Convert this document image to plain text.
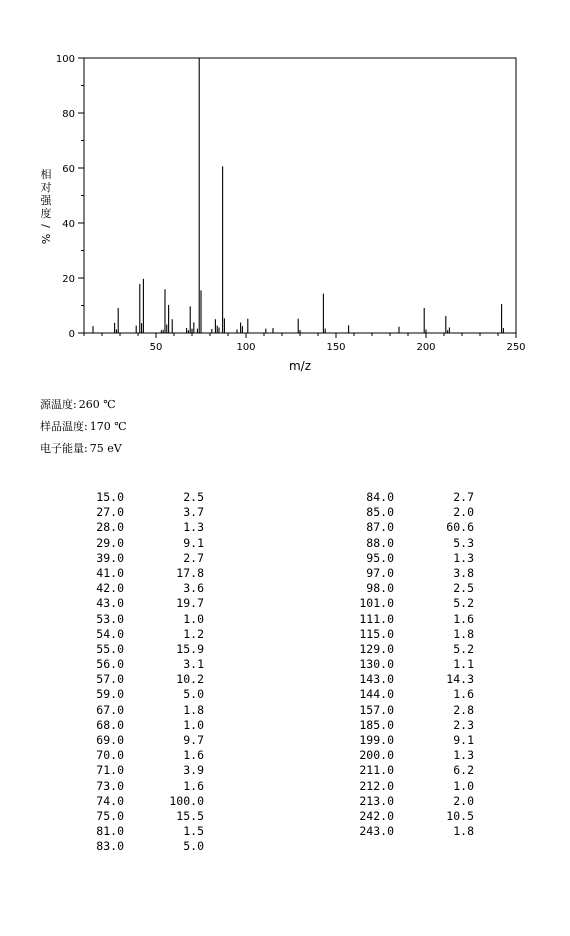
相
对
强
度
/
%
m/z
0
20
40
60
80
100
50	100	150	200	250
源温度: 260 ℃
样品温度: 170 ℃
电子能量: 75 eV
15.0	2.5
27.0	3.7
28.0	1.3
29.0	9.1
39.0	2.7
41.0	17.8
42.0	3.6
43.0	19.7
53.0	1.0
54.0	1.2
55.0	15.9
56.0	3.1
57.0	10.2
59.0	5.0
67.0	1.8
68.0	1.0
69.0	9.7
70.0	1.6
71.0	3.9
73.0	1.6
74.0	100.0
75.0	15.5
81.0	1.5
83.0	5.0
84.0	2.7
85.0	2.0
87.0	60.6
88.0	5.3
95.0	1.3
97.0	3.8
98.0	2.5
101.0	5.2
111.0	1.6
115.0	1.8
129.0	5.2
130.0	1.1
143.0	14.3
144.0	1.6
157.0	2.8
185.0	2.3
199.0	9.1
200.0	1.3
211.0	6.2
212.0	1.0
213.0	2.0
242.0	10.5
243.0	1.8
